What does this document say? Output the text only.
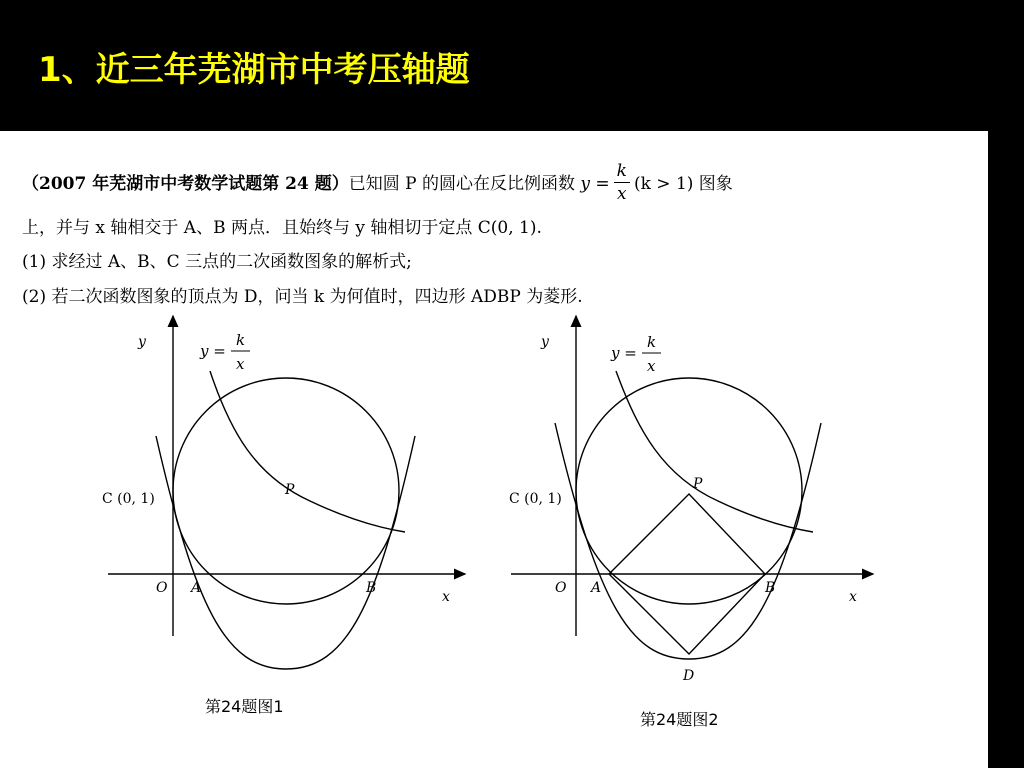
1、近三年芜湖市中考压轴题
（2007 年芜湖市中考数学试题第 24 题）已知圆 P 的圆心在反比例函数 $y = \frac{k}{x} (k > 1)$ 图象
上，并与 x 轴相交于 A、B 两点．且始终与 y 轴相切于定点 C(0, 1).
(1) 求经过 A、B、C 三点的二次函数图象的解析式;
(2) 若二次函数图象的顶点为 D，问当 k 为何值时，四边形 ADBP 为菱形.
y
x
C (0, 1)
P
O A	B
y =
k
x
第24题图1
y
x
C (0, 1)
P
O A	B
D
y =
k
x
第24题图2
